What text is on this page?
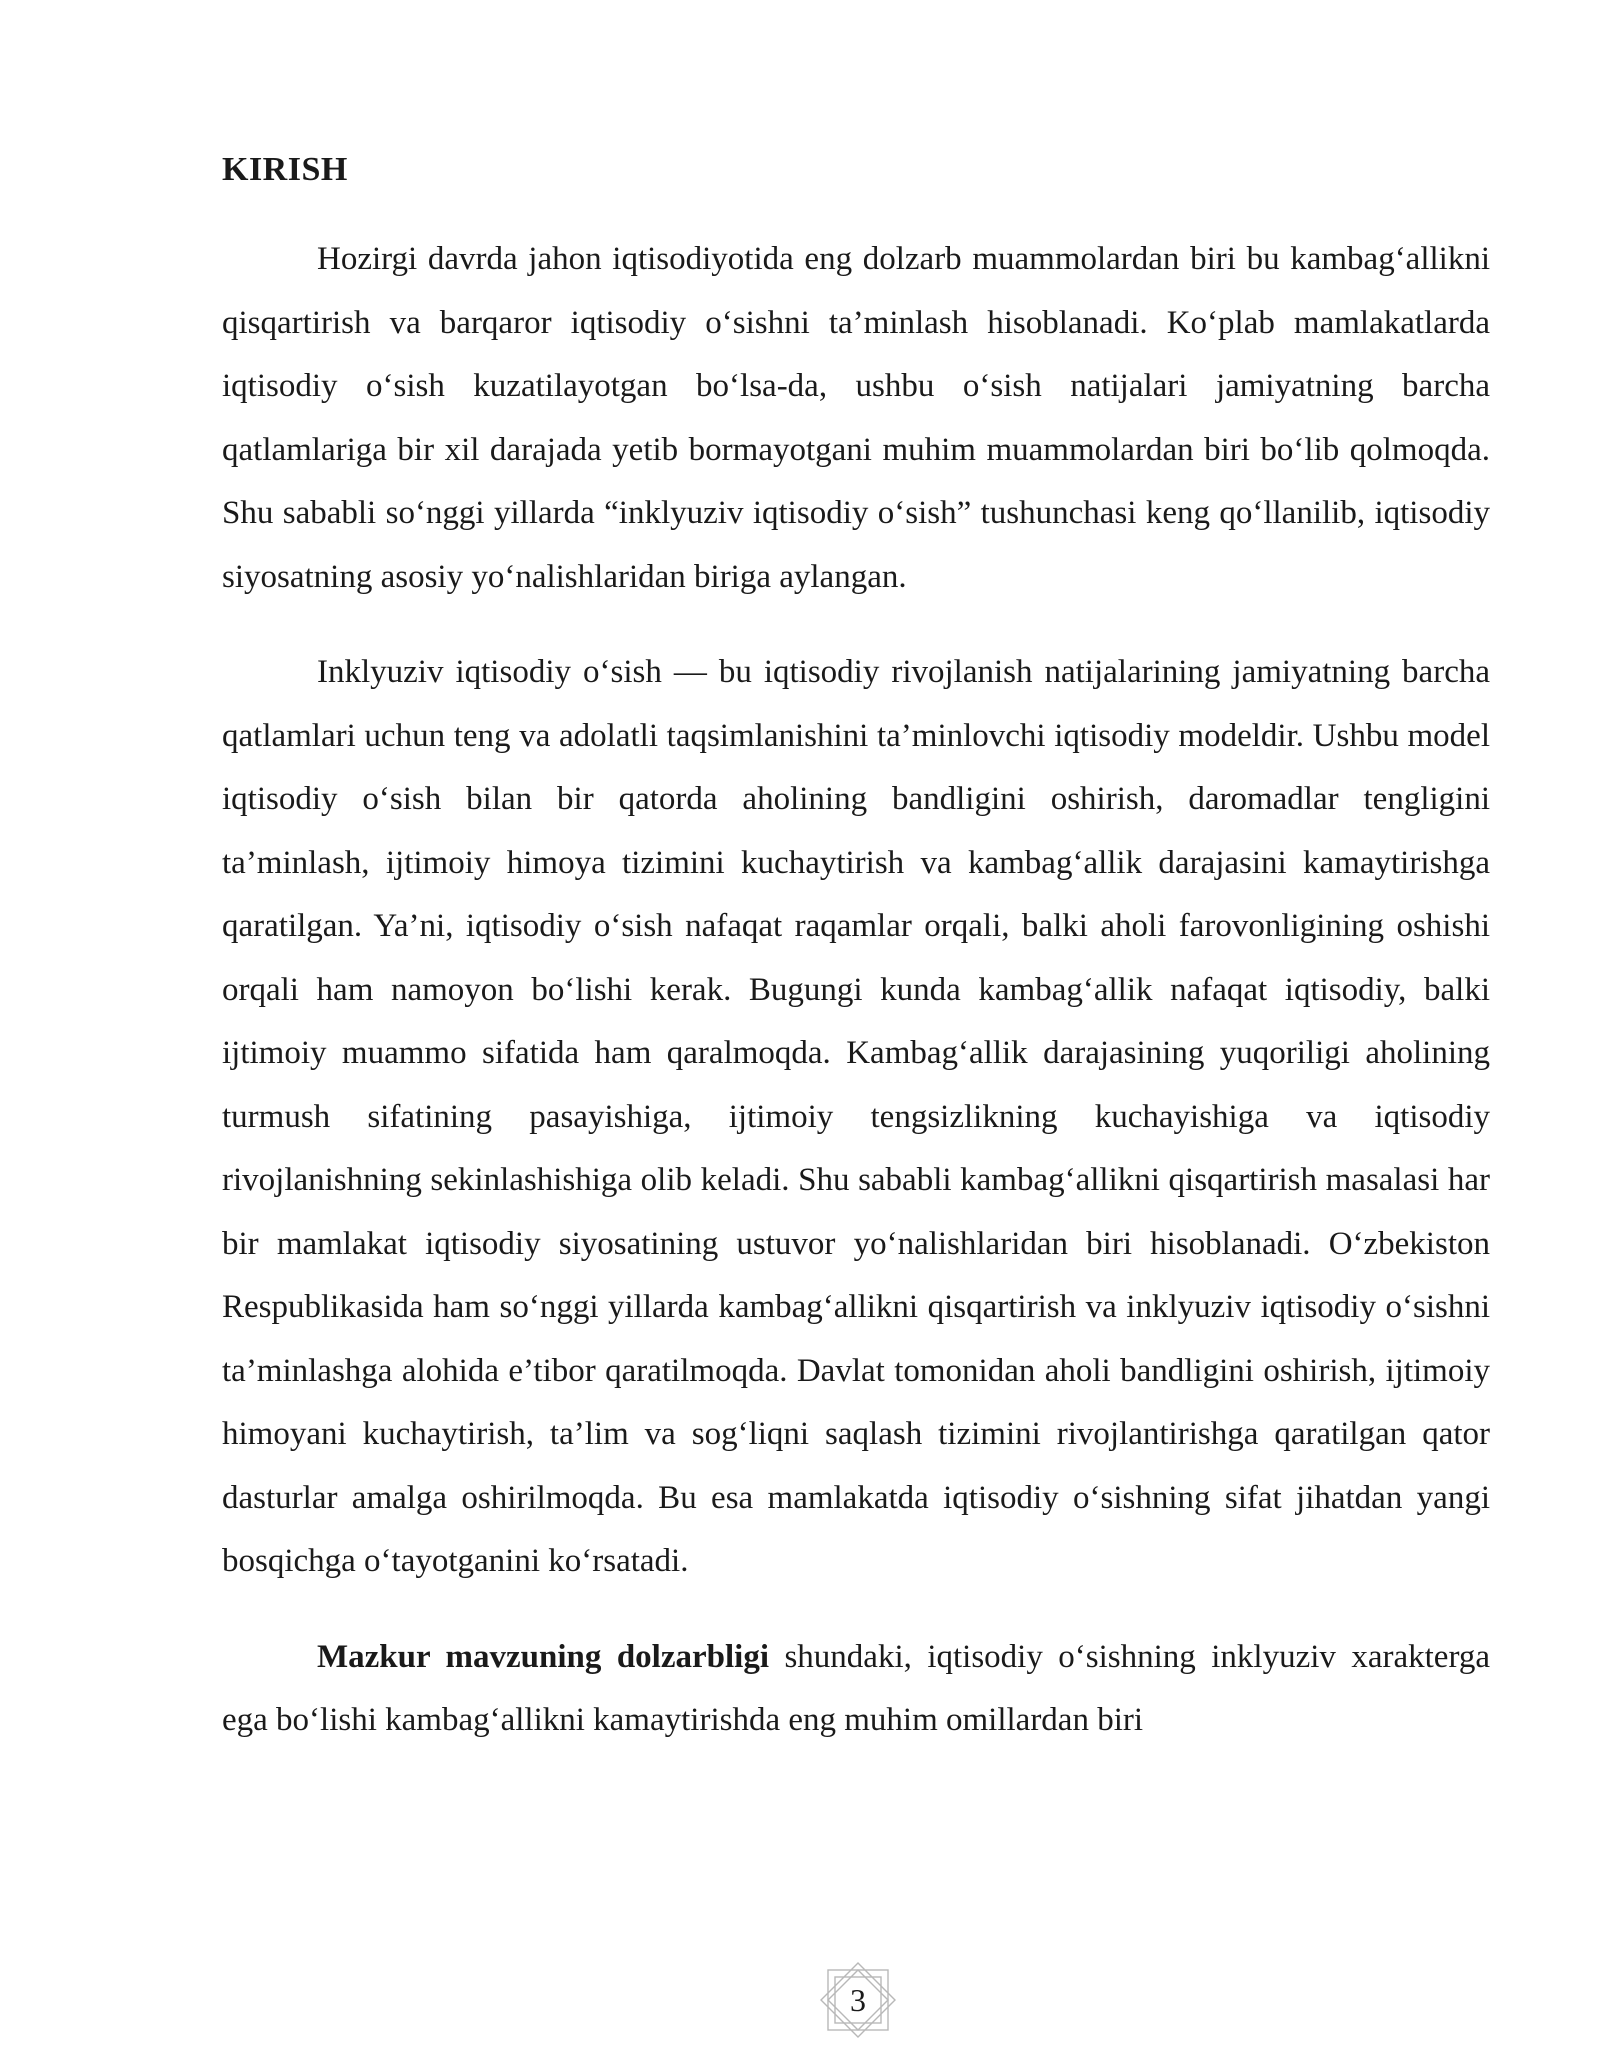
KIRISH

Hozirgi davrda jahon iqtisodiyotida eng dolzarb muammolardan biri bu kambag‘allikni qisqartirish va barqaror iqtisodiy o‘sishni ta’minlash hisoblanadi. Ko‘plab mamlakatlarda iqtisodiy o‘sish kuzatilayotgan bo‘lsa-da, ushbu o‘sish natijalari jamiyatning barcha qatlamlariga bir xil darajada yetib bormayotgani muhim muammolardan biri bo‘lib qolmoqda. Shu sababli so‘nggi yillarda “inklyuziv iqtisodiy o‘sish” tushunchasi keng qo‘llanilib, iqtisodiy siyosatning asosiy yo‘nalishlaridan biriga aylangan.

Inklyuziv iqtisodiy o‘sish — bu iqtisodiy rivojlanish natijalarining jamiyatning barcha qatlamlari uchun teng va adolatli taqsimlanishini ta’minlovchi iqtisodiy modeldir. Ushbu model iqtisodiy o‘sish bilan bir qatorda aholining bandligini oshirish, daromadlar tengligini ta’minlash, ijtimoiy himoya tizimini kuchaytirish va kambag‘allik darajasini kamaytirishga qaratilgan. Ya’ni, iqtisodiy o‘sish nafaqat raqamlar orqali, balki aholi farovonligining oshishi orqali ham namoyon bo‘lishi kerak. Bugungi kunda kambag‘allik nafaqat iqtisodiy, balki ijtimoiy muammo sifatida ham qaralmoqda. Kambag‘allik darajasining yuqoriligi aholining turmush sifatining pasayishiga, ijtimoiy tengsizlikning kuchayishiga va iqtisodiy rivojlanishning sekinlashishiga olib keladi. Shu sababli kambag‘allikni qisqartirish masalasi har bir mamlakat iqtisodiy siyosatining ustuvor yo‘nalishlaridan biri hisoblanadi. O‘zbekiston Respublikasida ham so‘nggi yillarda kambag‘allikni qisqartirish va inklyuziv iqtisodiy o‘sishni ta’minlashga alohida e’tibor qaratilmoqda. Davlat tomonidan aholi bandligini oshirish, ijtimoiy himoyani kuchaytirish, ta’lim va sog‘liqni saqlash tizimini rivojlantirishga qaratilgan qator dasturlar amalga oshirilmoqda. Bu esa mamlakatda iqtisodiy o‘sishning sifat jihatdan yangi bosqichga o‘tayotganini ko‘rsatadi.

Mazkur mavzuning dolzarbligi shundaki, iqtisodiy o‘sishning inklyuziv xarakterga ega bo‘lishi kambag‘allikni kamaytirishda eng muhim omillardan biri

3
